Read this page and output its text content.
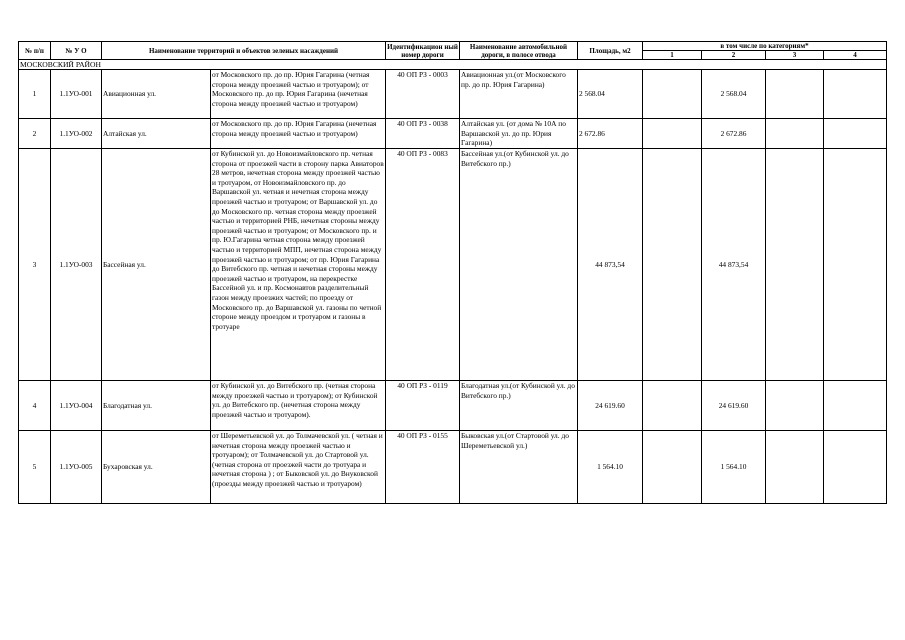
№ п/п	№ У О	Наименование территорий и объектов зеленых насаждений		Идентификацион ный номер дороги	Наименование автомобильной дороги, в полосе отвода	Площадь, м2	в том числе по категориям*			
							1	2	3	4
МОСКОВСКИЙ РАЙОН										
1	1.1УО-001	Авиационная ул.	от Московского пр. до пр. Юрия Гагарина (четная сторона между проезжей частью и тротуаром); от Московского пр. до пр. Юрия Гагарина (нечетная сторона между проезжей частью и тротуаром)	40 ОП РЗ - 0003	Авиационная ул.(от Московского пр. до пр. Юрия Гагарина)	2 568.04		2 568.04		
2	1.1УО-002	Алтайская ул.	от Московского пр. до пр. Юрия Гагарина (нечетная сторона между проезжей частью и тротуаром)	40 ОП РЗ - 0038	Алтайская ул. (от дома № 10А по Варшавской ул. до пр. Юрия Гагарина)	2 672.86		2 672.86		
3	1.1УО-003	Бассейная ул.	от Кубинской ул. до Новоизмайловского пр. четная сторона от проезжей части в сторону парка Авиаторов 28 метров, нечетная сторона между проезжей частью и тротуаром, от Новоизмайловского пр. до Варшавской ул. четная и нечетная сторона между проезжей частью и тротуаром; от Варшавской ул. до до Московского пр. четная сторона между проезжей частью и территорией РНБ, нечетная стороны между проезжей частью и тротуаром; от Московского пр. и пр. Ю.Гагарина четная сторона между проезжей частью и территорией МПП, нечетная сторона между проезжей частью и тротуаром; от пр. Юрия Гагарина до Витебского пр. четная и нечетная стороны между проезжей частью и тротуаром, на перекрестке Бассейной ул. и пр. Космонавтов разделительный газон между проезжих частей; по проезду от Московского пр. до Варшавской ул. газоны по четной стороне между проездом и тротуаром и газоны в тротуаре	40 ОП РЗ - 0083	Бассейная ул.(от Кубинской ул. до Витебского пр.)	44 873,54		44 873,54		
4	1.1УО-004	Благодатная ул.	от Кубинской ул. до Витебского пр. (четная сторона между проезжей частью и тротуаром); от Кубинской ул. до Витебского пр. (нечетная сторона между проезжей частью и тротуаром).	40 ОП РЗ - 0119	Благодатная ул.(от Кубинской ул. до Витебского пр.)	24 619.60		24 619.60		
5	1.1УО-005	Бухаровская ул.	от Шереметьевской ул. до Толмачевской ул. ( четная и нечетная сторона между проезжей частью и тротуаром); от Толмачевской ул. до Стартовой ул. (четная сторона от проезжей части до тротуара и нечетная сторона ) ; от Быковской ул. до Внуковской (проезды между проезжей частью и тротуаром)	40 ОП РЗ - 0155	Быковская ул.(от Стартовой ул. до Шереметьевской ул.)	1 564.10		1 564.10		
